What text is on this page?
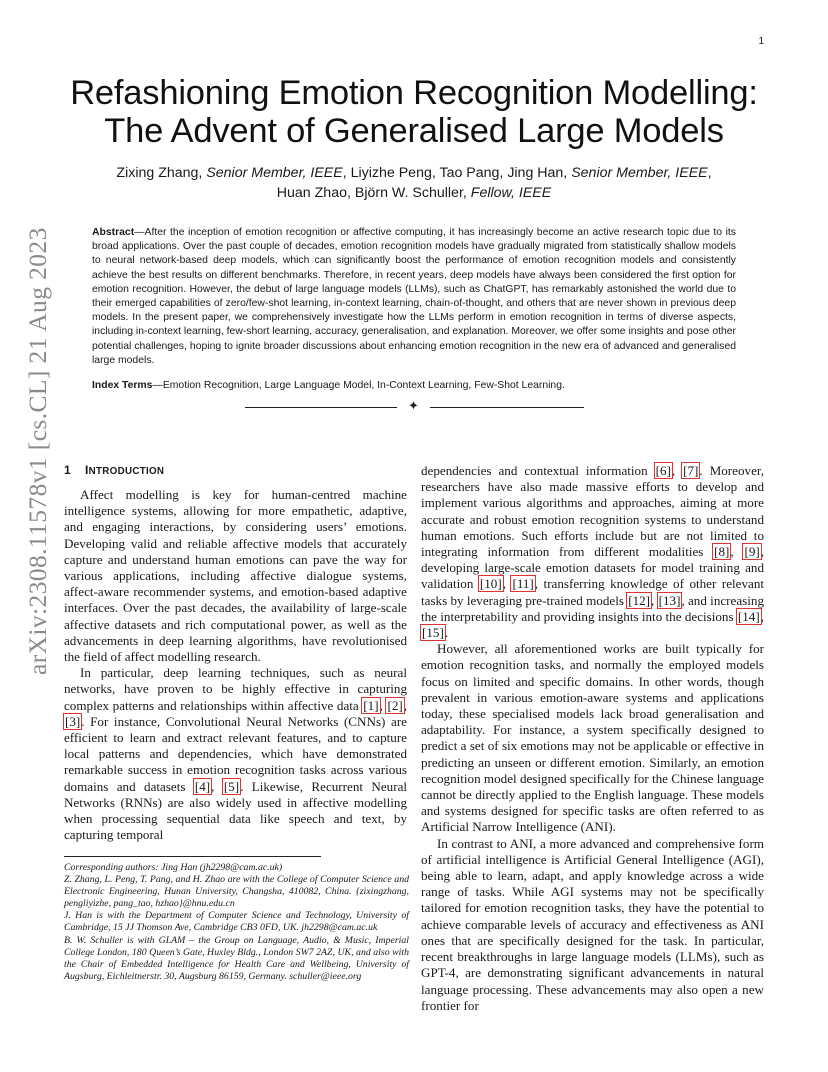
1
Refashioning Emotion Recognition Modelling:
The Advent of Generalised Large Models
Zixing Zhang, Senior Member, IEEE, Liyizhe Peng, Tao Pang, Jing Han, Senior Member, IEEE,
Huan Zhao, Björn W. Schuller, Fellow, IEEE
Abstract—After the inception of emotion recognition or affective computing, it has increasingly become an active research topic due to its broad applications. Over the past couple of decades, emotion recognition models have gradually migrated from statistically shallow models to neural network-based deep models, which can significantly boost the performance of emotion recognition models and consistently achieve the best results on different benchmarks. Therefore, in recent years, deep models have always been considered the first option for emotion recognition. However, the debut of large language models (LLMs), such as ChatGPT, has remarkably astonished the world due to their emerged capabilities of zero/few-shot learning, in-context learning, chain-of-thought, and others that are never shown in previous deep models. In the present paper, we comprehensively investigate how the LLMs perform in emotion recognition in terms of diverse aspects, including in-context learning, few-short learning, accuracy, generalisation, and explanation. Moreover, we offer some insights and pose other potential challenges, hoping to ignite broader discussions about enhancing emotion recognition in the new era of advanced and generalised large models.
Index Terms—Emotion Recognition, Large Language Model, In-Context Learning, Few-Shot Learning.
✦
arXiv:2308.11578v1 [cs.CL] 21 Aug 2023 1 INTRODUCTION

Affect modelling is key for human-centred machine intelligence systems, allowing for more empathetic, adaptive, and engaging interactions, by considering users’ emotions. Developing valid and reliable affective models that accurately capture and understand human emotions can pave the way for various applications, including affective dialogue systems, affect-aware recommender systems, and emotion-based adaptive interfaces. Over the past decades, the availability of large-scale affective datasets and rich computational power, as well as the advancements in deep learning algorithms, have revolutionised the field of affect modelling research.

In particular, deep learning techniques, such as neural networks, have proven to be highly effective in capturing complex patterns and relationships within affective data [1], [2], [3]. For instance, Convolutional Neural Networks (CNNs) are efficient to learn and extract relevant features, and to capture local patterns and dependencies, which have demonstrated remarkable success in emotion recognition tasks across various domains and datasets [4], [5]. Likewise, Recurrent Neural Networks (RNNs) are also widely used in affective modelling when processing sequential data like speech and text, by capturing temporal

Corresponding authors: Jing Han (jh2298@cam.ac.uk)
Z. Zhang, L. Peng, T. Pang, and H. Zhao are with the College of Computer Science and Electronic Engineering, Hunan University, Changsha, 410082, China. {zixingzhang, pengliyizhe, pang_tao, hzhao}@hnu.edu.cn
J. Han is with the Department of Computer Science and Technology, University of Cambridge, 15 JJ Thomson Ave, Cambridge CB3 0FD, UK. jh2298@cam.ac.uk
B. W. Schuller is with GLAM – the Group on Language, Audio, & Music, Imperial College London, 180 Queen’s Gate, Huxley Bldg., London SW7 2AZ, UK, and also with the Chair of Embedded Intelligence for Health Care and Wellbeing, University of Augsburg, Eichleitnerstr. 30, Augsburg 86159, Germany. schuller@ieee.org

dependencies and contextual information [6], [7]. Moreover, researchers have also made massive efforts to develop and implement various algorithms and approaches, aiming at more accurate and robust emotion recognition systems to understand human emotions. Such efforts include but are not limited to integrating information from different modalities [8], [9], developing large-scale emotion datasets for model training and validation [10], [11], transferring knowledge of other relevant tasks by leveraging pre-trained models [12], [13], and increasing the interpretability and providing insights into the decisions [14], [15].

However, all aforementioned works are built typically for emotion recognition tasks, and normally the employed models focus on limited and specific domains. In other words, though prevalent in various emotion-aware systems and applications today, these specialised models lack broad generalisation and adaptability. For instance, a system specifically designed to predict a set of six emotions may not be applicable or effective in predicting an unseen or different emotion. Similarly, an emotion recognition model designed specifically for the Chinese language cannot be directly applied to the English language. These models and systems designed for specific tasks are often referred to as Artificial Narrow Intelligence (ANI).

In contrast to ANI, a more advanced and comprehensive form of artificial intelligence is Artificial General Intelligence (AGI), being able to learn, adapt, and apply knowledge across a wide range of tasks. While AGI systems may not be specifically tailored for emotion recognition tasks, they have the potential to achieve comparable levels of accuracy and effectiveness as ANI ones that are specifically designed for the task. In particular, recent breakthroughs in large language models (LLMs), such as GPT-4, are demonstrating significant advancements in natural language processing. These advancements may also open a new frontier for
